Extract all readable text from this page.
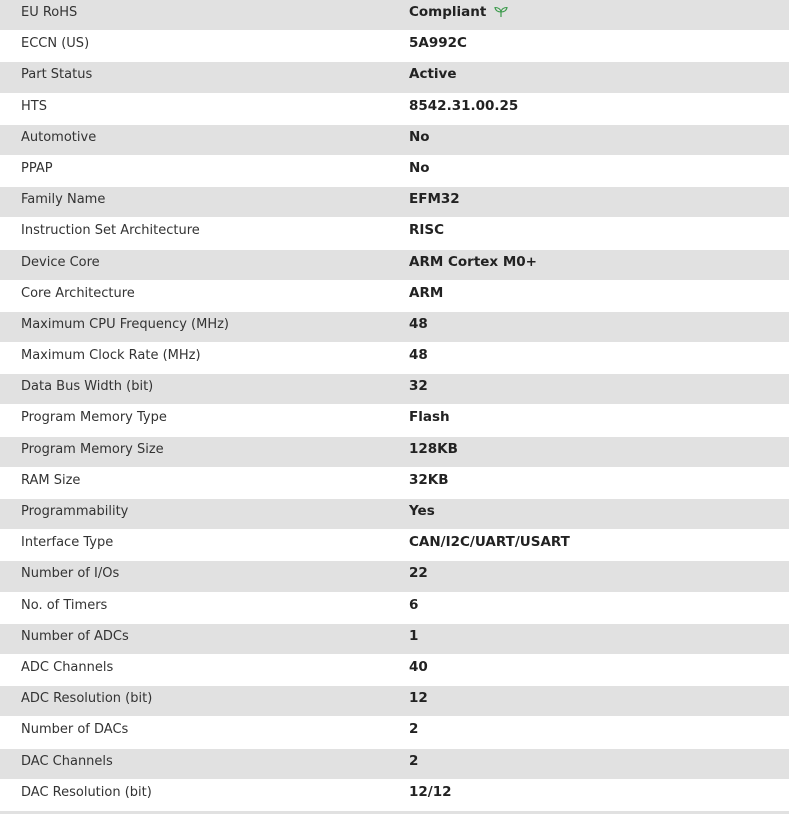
EU RoHS	Compliant
ECCN (US)	5A992C
Part Status	Active
HTS	8542.31.00.25
Automotive	No
PPAP	No
Family Name	EFM32
Instruction Set Architecture	RISC
Device Core	ARM Cortex M0+
Core Architecture	ARM
Maximum CPU Frequency (MHz)	48
Maximum Clock Rate (MHz)	48
Data Bus Width (bit)	32
Program Memory Type	Flash
Program Memory Size	128KB
RAM Size	32KB
Programmability	Yes
Interface Type	CAN/I2C/UART/USART
Number of I/Os	22
No. of Timers	6
Number of ADCs	1
ADC Channels	40
ADC Resolution (bit)	12
Number of DACs	2
DAC Channels	2
DAC Resolution (bit)	12/12
